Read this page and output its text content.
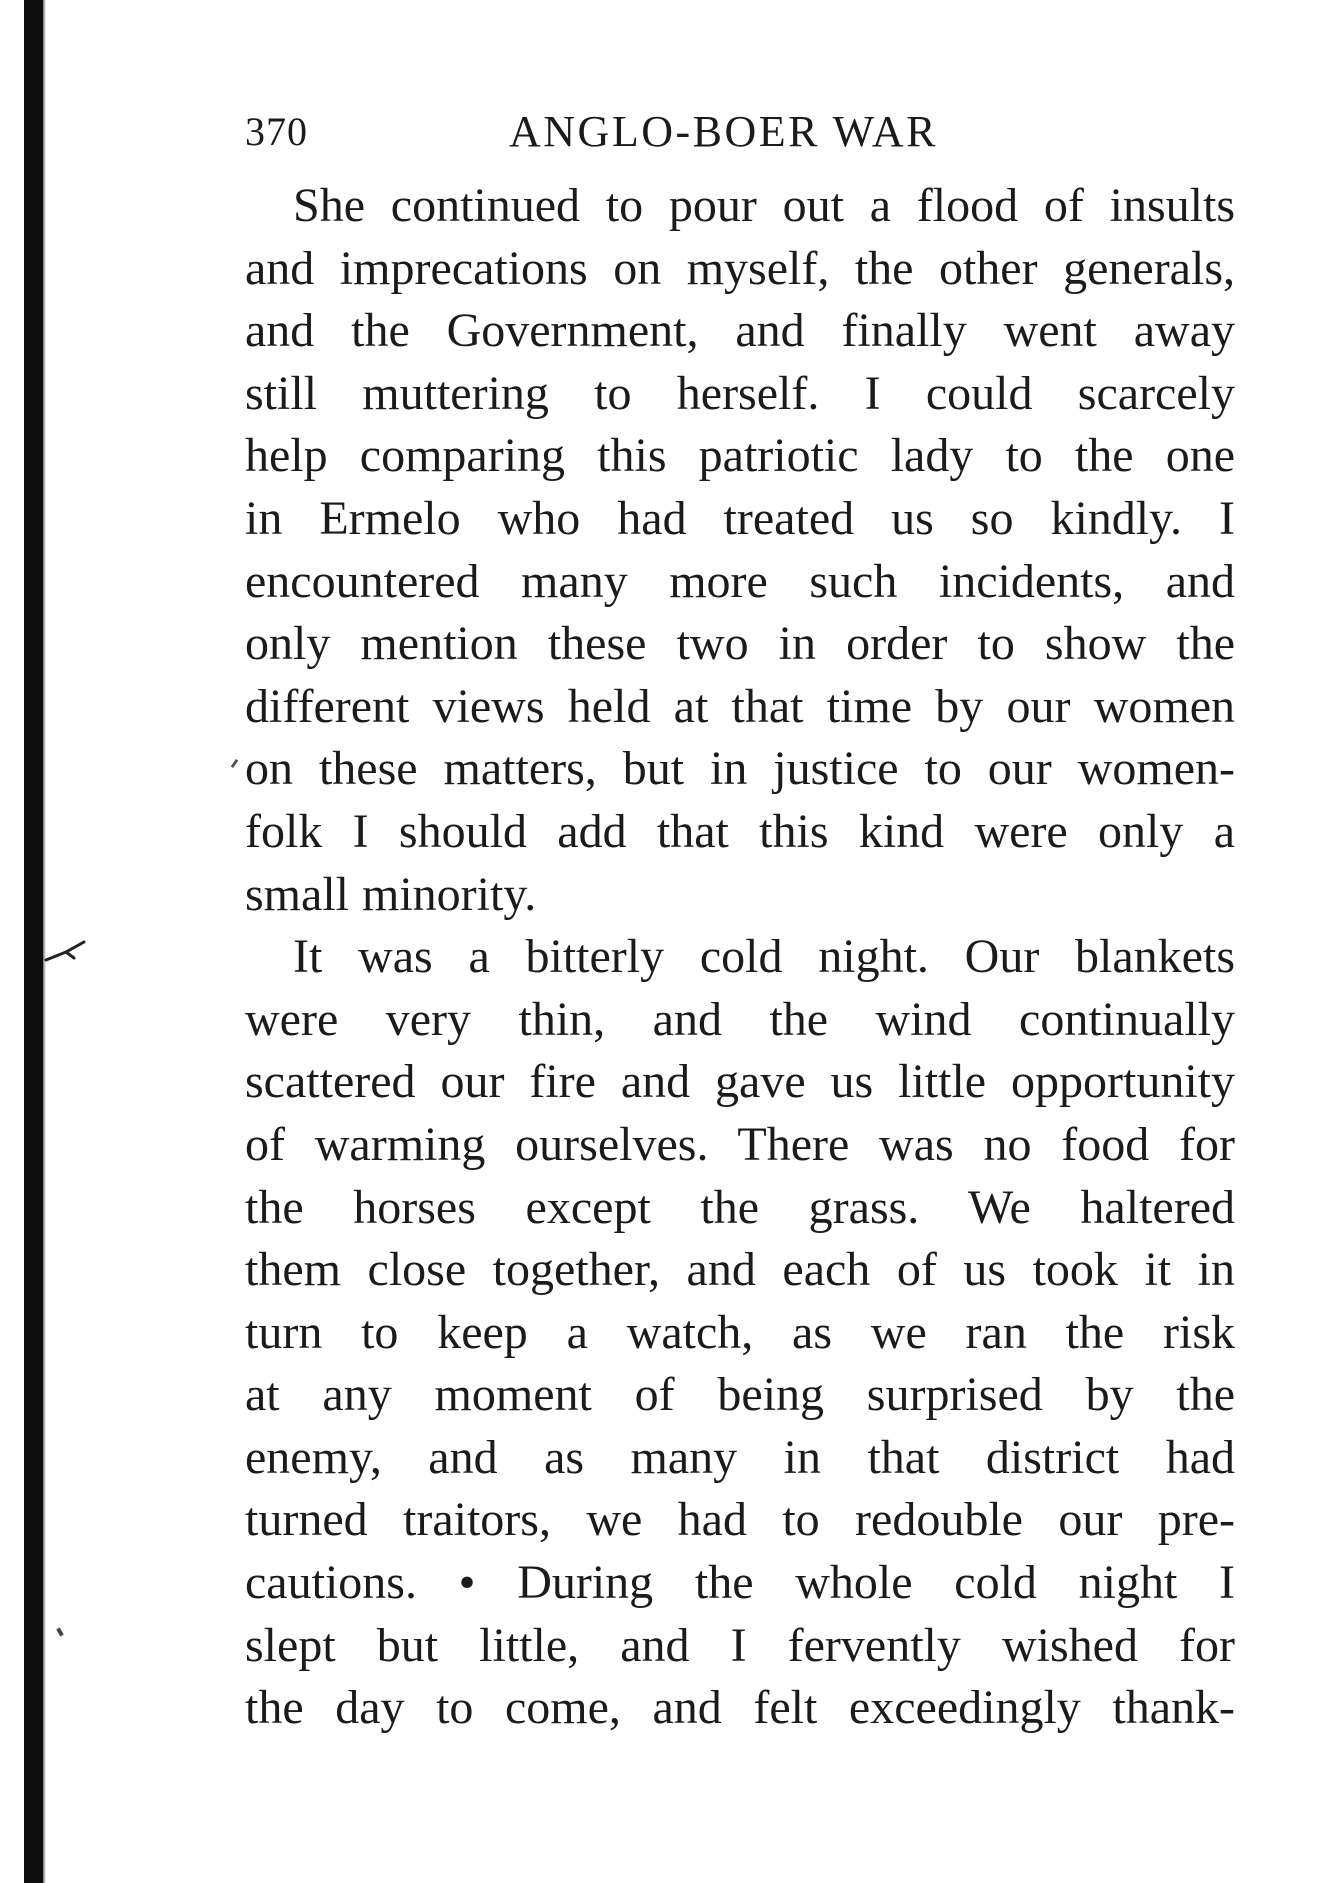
370	ANGLO-BOER WAR
She continued to pour out a flood of insults
and imprecations on myself, the other generals,
and the Government, and finally went away
still muttering to herself. I could scarcely
help comparing this patriotic lady to the one
in Ermelo who had treated us so kindly. I
encountered many more such incidents, and
only mention these two in order to show the
different views held at that time by our women
on these matters, but in justice to our women-
folk I should add that this kind were only a
small minority.
It was a bitterly cold night. Our blankets
were very thin, and the wind continually
scattered our fire and gave us little opportunity
of warming ourselves. There was no food for
the horses except the grass. We haltered
them close together, and each of us took it in
turn to keep a watch, as we ran the risk
at any moment of being surprised by the
enemy, and as many in that district had
turned traitors, we had to redouble our pre-
cautions. • During the whole cold night I
slept but little, and I fervently wished for
the day to come, and felt exceedingly thank-
